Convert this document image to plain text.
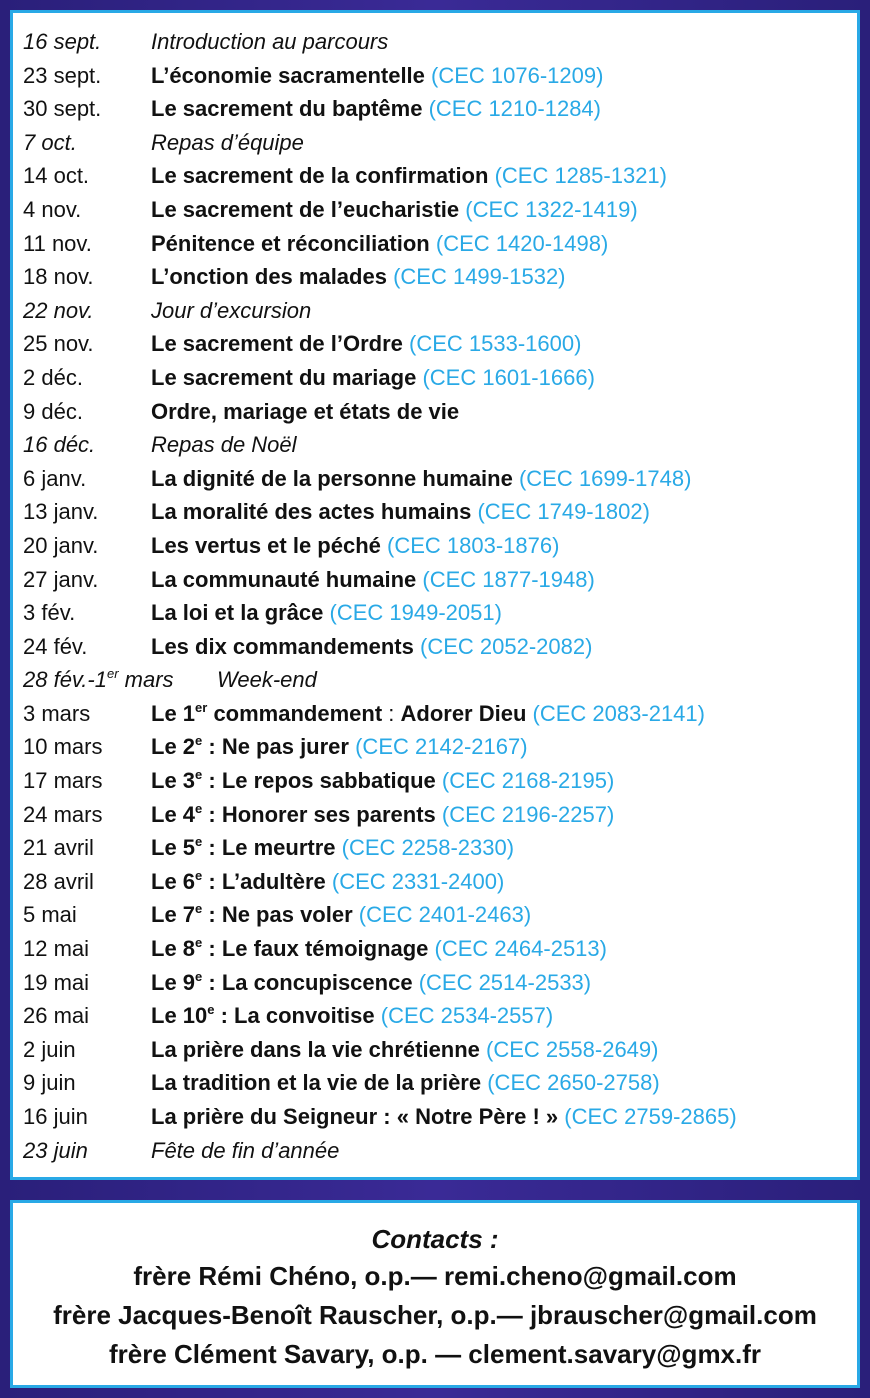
16 sept. Introduction au parcours
23 sept. L’économie sacramentelle (CEC 1076-1209)
30 sept. Le sacrement du baptême (CEC 1210-1284)
7 oct.	Repas d’équipe
14 oct.	Le sacrement de la confirmation (CEC 1285-1321)
4 nov.	Le sacrement de l’eucharistie (CEC 1322-1419)
11 nov.	Pénitence et réconciliation (CEC 1420-1498)
18 nov.	L’onction des malades (CEC 1499-1532)
22 nov.	Jour d’excursion
25 nov.	Le sacrement de l’Ordre (CEC 1533-1600)
2 déc.	Le sacrement du mariage (CEC 1601-1666)
9 déc.	Ordre, mariage et états de vie
16 déc.	Repas de Noël
6 janv.	La dignité de la personne humaine (CEC 1699-1748)
13 janv. La moralité des actes humains (CEC 1749-1802)
20 janv. Les vertus et le péché (CEC 1803-1876)
27 janv. La communauté humaine (CEC 1877-1948)
3 fév.	La loi et la grâce (CEC 1949-2051)
24 fév.	Les dix commandements (CEC 2052-2082)
28 fév.-1er mars Week-end
3 mars	Le 1er commandement : Adorer Dieu (CEC 2083-2141)
10 mars Le 2e : Ne pas jurer (CEC 2142-2167)
17 mars Le 3e : Le repos sabbatique (CEC 2168-2195)
24 mars Le 4e : Honorer ses parents (CEC 2196-2257)
21 avril	Le 5e : Le meurtre (CEC 2258-2330)
28 avril	Le 6e : L’adultère (CEC 2331-2400)
5 mai	Le 7e : Ne pas voler (CEC 2401-2463)
12 mai	Le 8e : Le faux témoignage (CEC 2464-2513)
19 mai	Le 9e : La concupiscence (CEC 2514-2533)
26 mai	Le 10e : La convoitise (CEC 2534-2557)
2 juin	La prière dans la vie chrétienne (CEC 2558-2649)
9 juin	La tradition et la vie de la prière (CEC 2650-2758)
16 juin	La prière du Seigneur : « Notre Père ! » (CEC 2759-2865)
23 juin	Fête de fin d’année
Contacts :
frère Rémi Chéno, o.p.— remi.cheno@gmail.com
frère Jacques-Benoît Rauscher, o.p.— jbrauscher@gmail.com
frère Clément Savary, o.p. — clement.savary@gmx.fr
